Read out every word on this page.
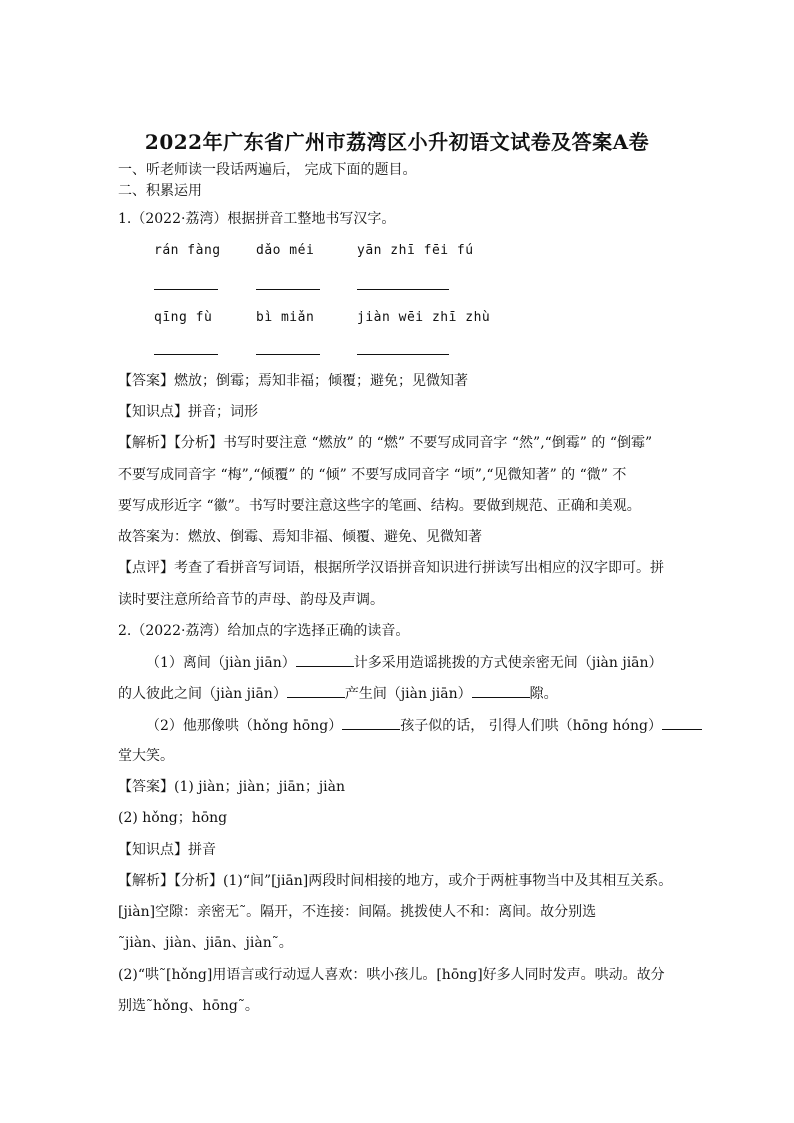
2022年广东省广州市荔湾区小升初语文试卷及答案A卷
一、听老师读一段话两遍后， 完成下面的题目。
二、积累运用
1.（2022·荔湾）根据拼音工整地书写汉字。
rán fàng	dǎo méi	yān zhī fēi fú
qīng fù	bì miǎn	jiàn wēi zhī zhù
【答案】燃放；倒霉；焉知非福；倾覆；避免；见微知著
【知识点】拼音；词形
【解析】【分析】书写时要注意 “燃放” 的 “燃” 不要写成同音字 “然”,“倒霉” 的 “倒霉”
不要写成同音字 “梅”,“倾覆” 的 “倾” 不要写成同音字 “顷”,“见微知著” 的 “微” 不
要写成形近字 “徽”。书写时要注意这些字的笔画、结构。要做到规范、正确和美观。
故答案为：燃放、倒霉、焉知非福、倾覆、避免、见微知著
【点评】考查了看拼音写词语，根据所学汉语拼音知识进行拼读写出相应的汉字即可。拼
读时要注意所给音节的声母、韵母及声调。
2.（2022·荔湾）给加点的字选择正确的读音。
（1）离间（jiàn jiān）	计多采用造谣挑拨的方式使亲密无间（jiàn jiān）
的人彼此之间（jiàn jiān）	产生间（jiàn jiān）	隙。
（2）他那像哄（hǒng hōng）	孩子似的话， 引得人们哄（hōng hóng）
堂大笑。
【答案】(1) jiàn；jiàn；jiān；jiàn
(2) hǒng；hōng
【知识点】拼音
【解析】【分析】(1)“间”[jiān]两段时间相接的地方，或介于两桩事物当中及其相互关系。
[jiàn]空隙：亲密无˜。隔开，不连接：间隔。挑拨使人不和：离间。故分别选
˜jiàn、jiàn、jiān、jiàn˜。
(2)“哄˜[hǒng]用语言或行动逗人喜欢：哄小孩儿。[hōng]好多人同时发声。哄动。故分
别选˜hǒng、hōng˜。
